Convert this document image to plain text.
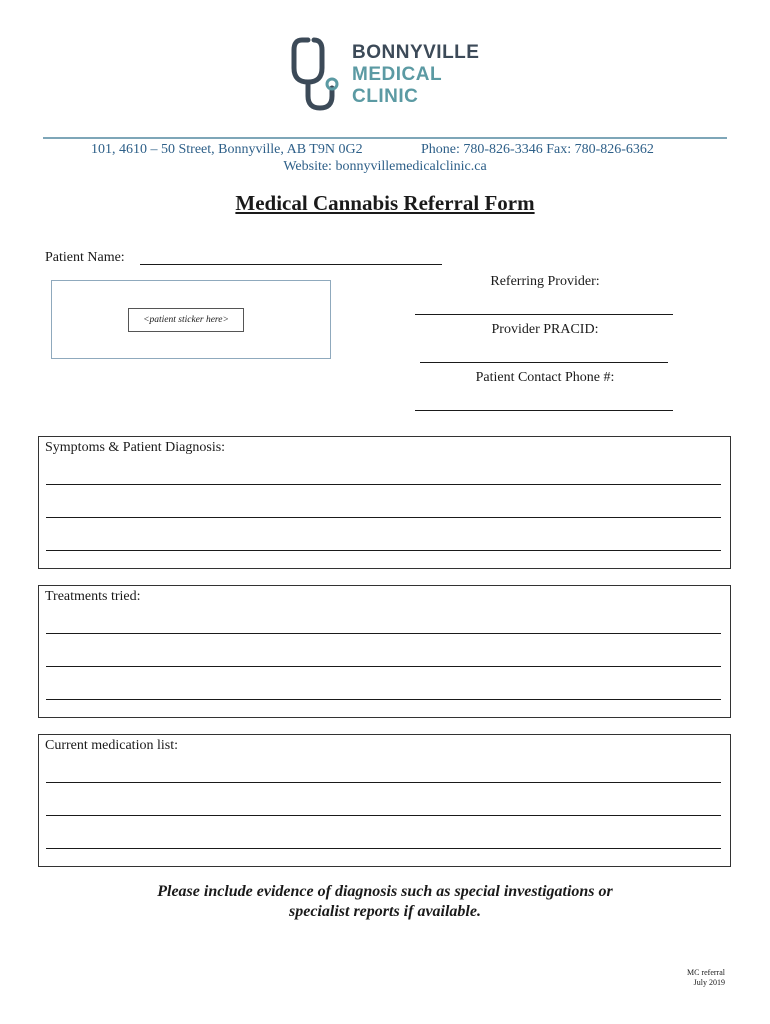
BONNYVILLE
MEDICAL
CLINIC
101, 4610 – 50 Street, Bonnyville, AB T9N 0G2	Phone: 780-826-3346 Fax: 780-826-6362
Website: bonnyvillemedicalclinic.ca
Medical Cannabis Referral Form
Patient Name:
<patient sticker here>
Referring Provider:
Provider PRACID:
Patient Contact Phone #:
Symptoms & Patient Diagnosis:
Treatments tried:
Current medication list:
Please include evidence of diagnosis such as special investigations or
specialist reports if available.
MC referral
July 2019
